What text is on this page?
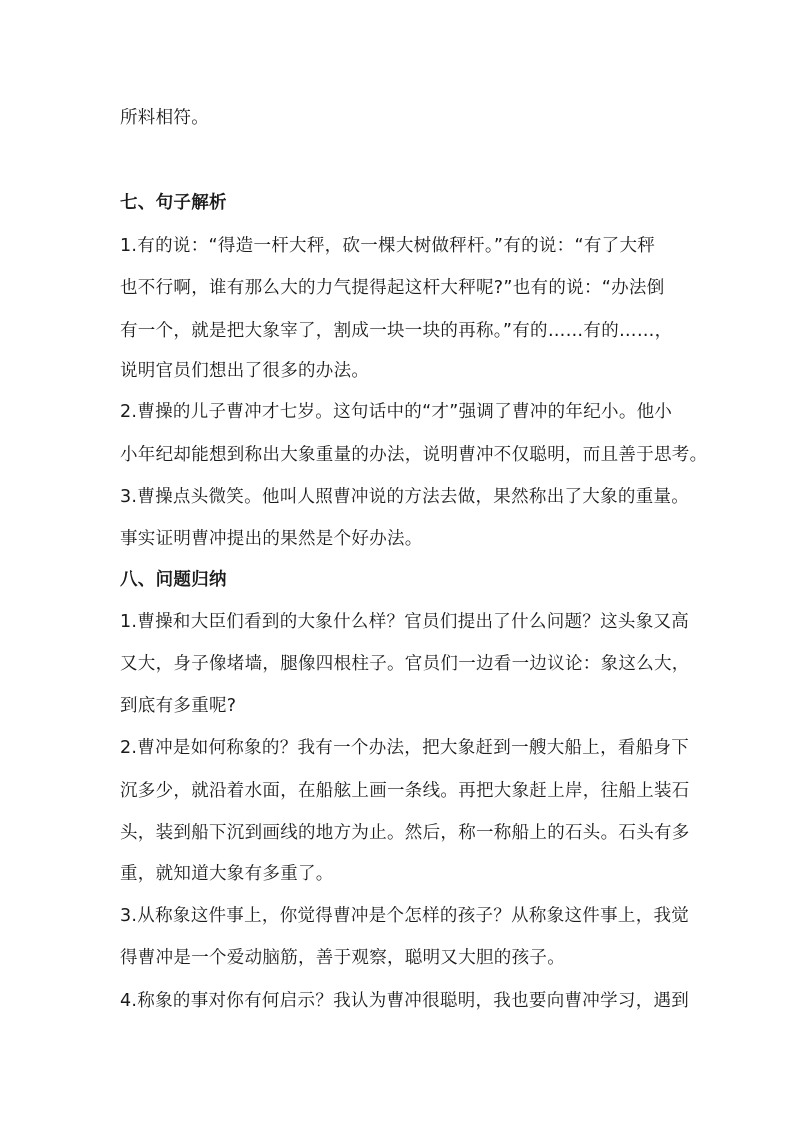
所料相符。
七、句子解析
1.有的说：“得造一杆大秤，砍一棵大树做秤杆。”有的说：“有了大秤
也不行啊，谁有那么大的力气提得起这杆大秤呢?”也有的说：“办法倒
有一个，就是把大象宰了，割成一块一块的再称。”有的……有的……，
说明官员们想出了很多的办法。
2.曹操的儿子曹冲才七岁。这句话中的“才”强调了曹冲的年纪小。他小
小年纪却能想到称出大象重量的办法，说明曹冲不仅聪明，而且善于思考。
3.曹操点头微笑。他叫人照曹冲说的方法去做，果然称出了大象的重量。
事实证明曹冲提出的果然是个好办法。
八、问题归纳
1.曹操和大臣们看到的大象什么样？官员们提出了什么问题？这头象又高
又大，身子像堵墙，腿像四根柱子。官员们一边看一边议论：象这么大，
到底有多重呢?
2.曹冲是如何称象的？我有一个办法，把大象赶到一艘大船上，看船身下
沉多少，就沿着水面，在船舷上画一条线。再把大象赶上岸，往船上装石
头，装到船下沉到画线的地方为止。然后，称一称船上的石头。石头有多
重，就知道大象有多重了。
3.从称象这件事上，你觉得曹冲是个怎样的孩子？从称象这件事上，我觉
得曹冲是一个爱动脑筋，善于观察，聪明又大胆的孩子。
4.称象的事对你有何启示？我认为曹冲很聪明，我也要向曹冲学习，遇到
